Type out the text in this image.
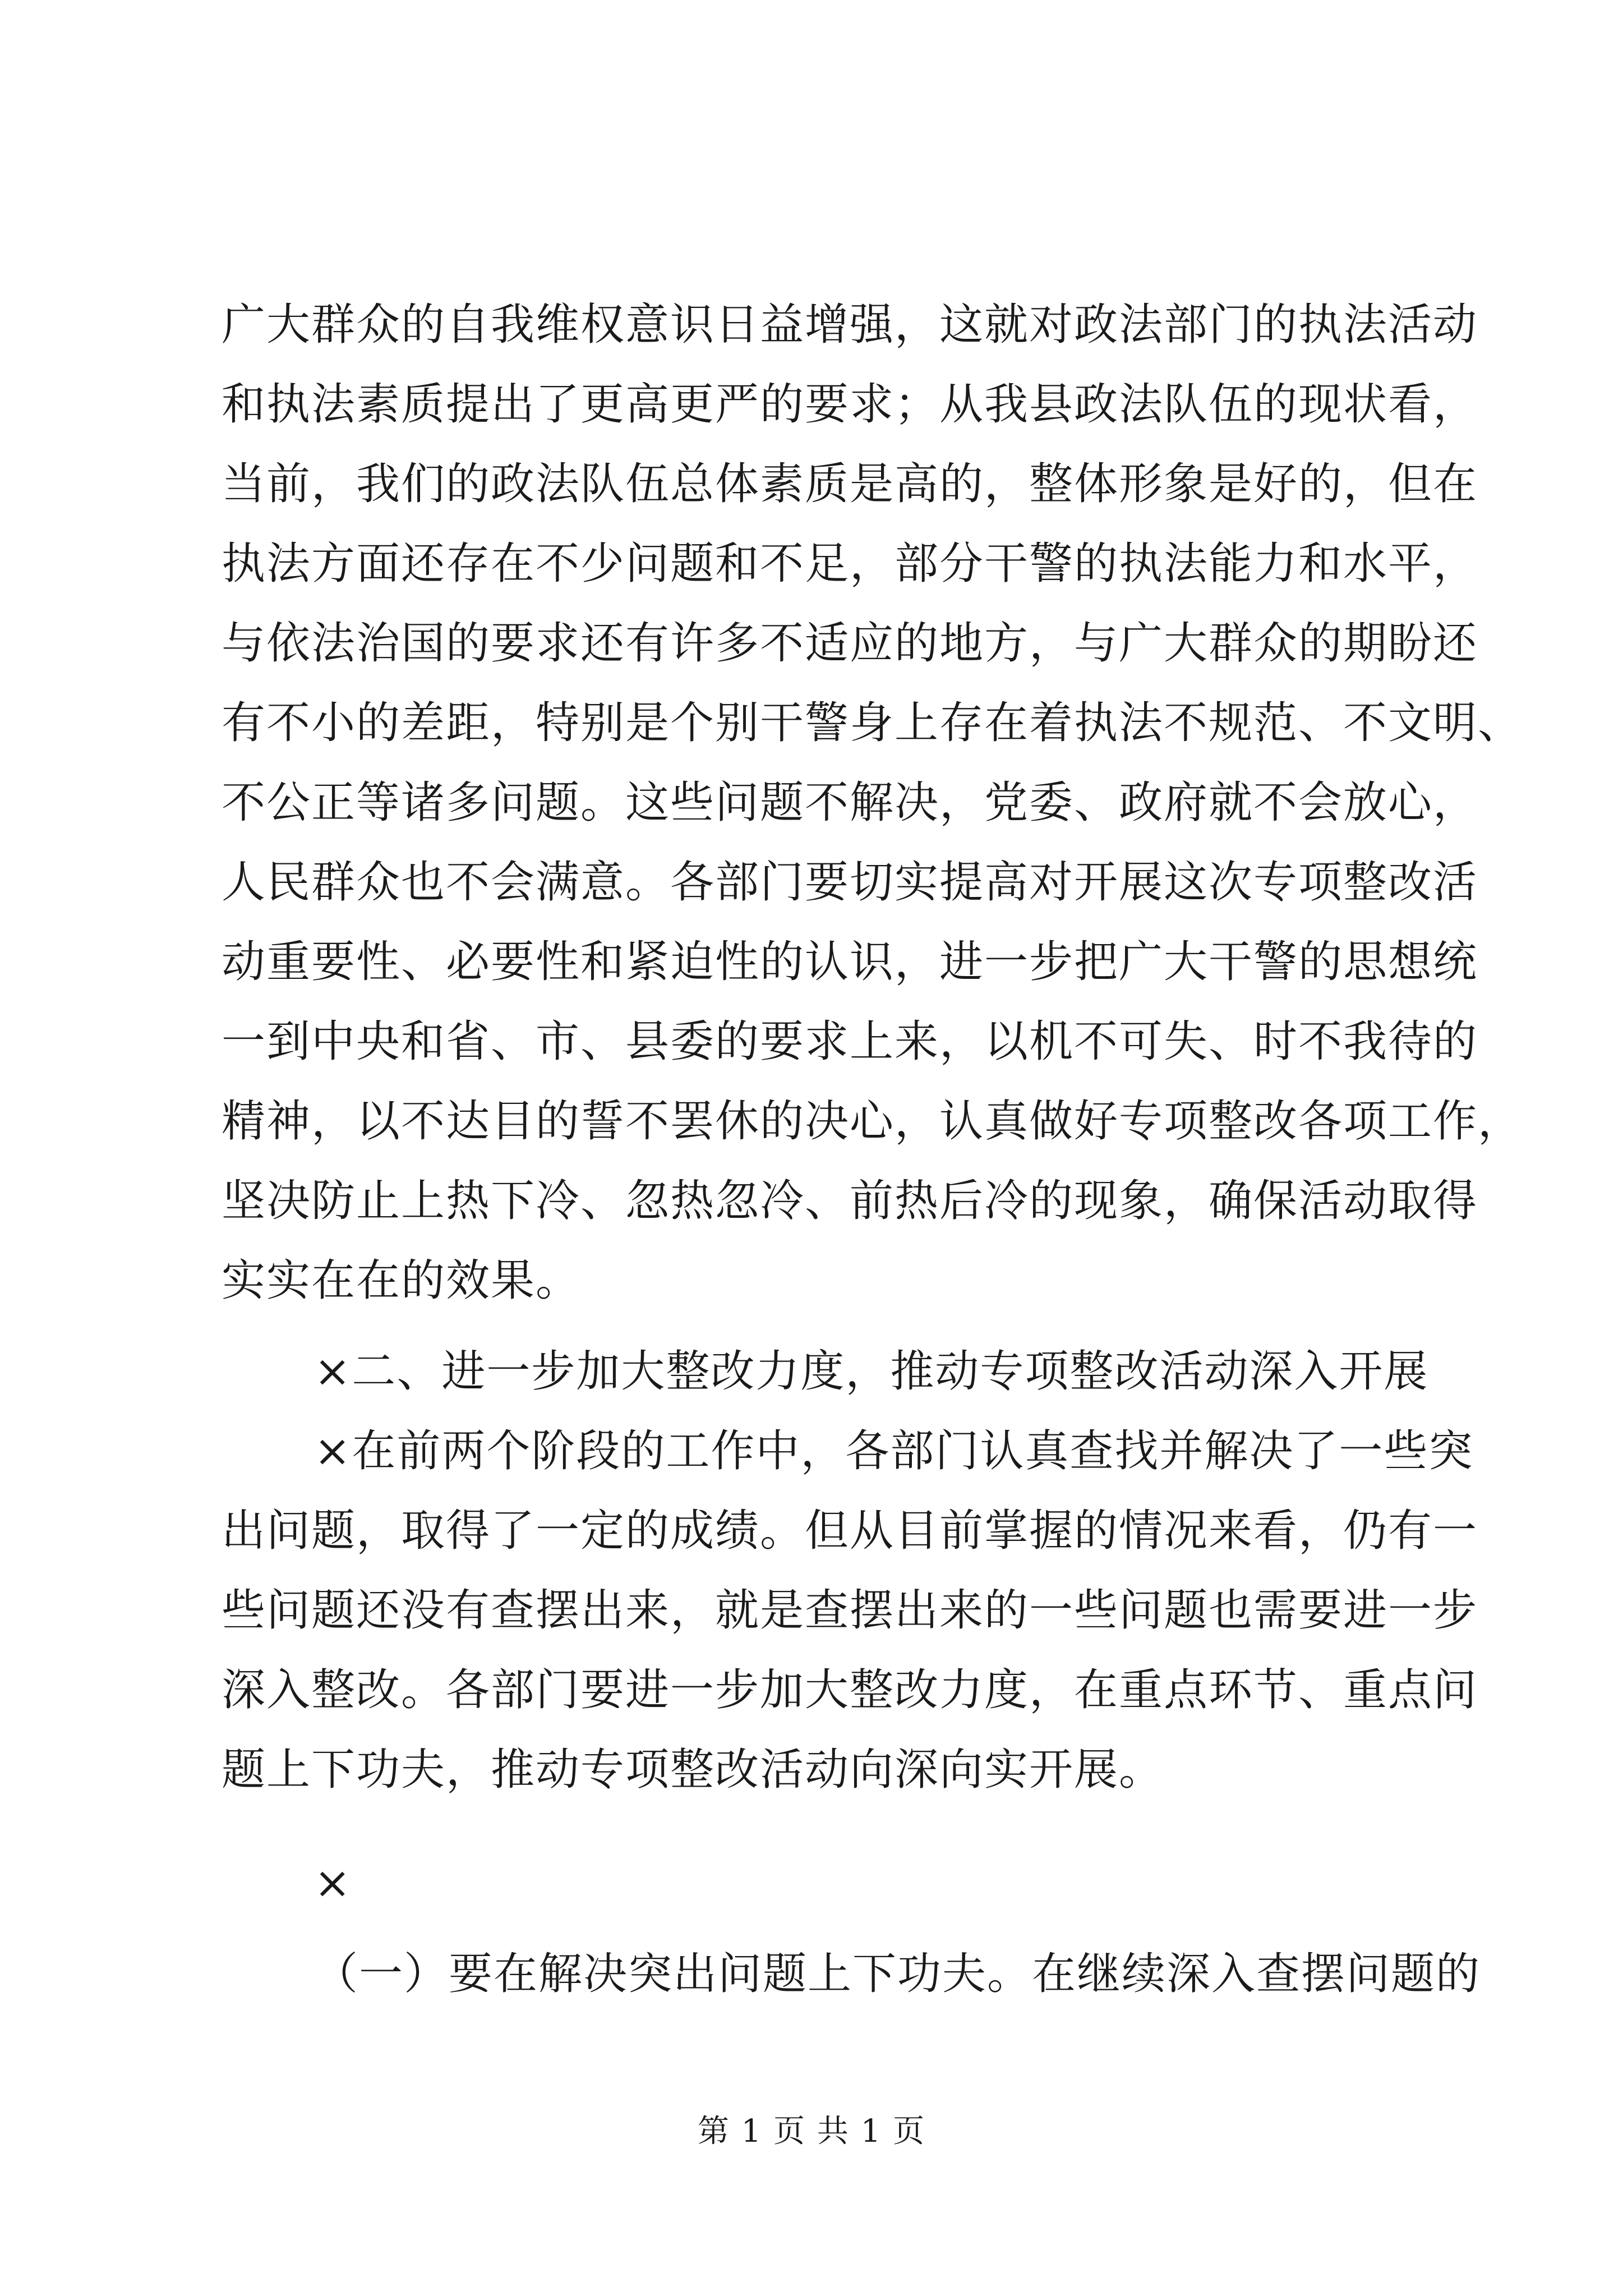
广大群众的自我维权意识日益增强，这就对政法部门的执法活动
和执法素质提出了更高更严的要求；从我县政法队伍的现状看，
当前，我们的政法队伍总体素质是高的，整体形象是好的，但在
执法方面还存在不少问题和不足，部分干警的执法能力和水平，
与依法治国的要求还有许多不适应的地方，与广大群众的期盼还
有不小的差距，特别是个别干警身上存在着执法不规范、不文明、
不公正等诸多问题。这些问题不解决，党委、政府就不会放心，
人民群众也不会满意。各部门要切实提高对开展这次专项整改活
动重要性、必要性和紧迫性的认识，进一步把广大干警的思想统
一到中央和省、市、县委的要求上来，以机不可失、时不我待的
精神，以不达目的誓不罢休的决心，认真做好专项整改各项工作，
坚决防止上热下冷、忽热忽冷、前热后冷的现象，确保活动取得
实实在在的效果。
×二、进一步加大整改力度，推动专项整改活动深入开展
×在前两个阶段的工作中，各部门认真查找并解决了一些突
出问题，取得了一定的成绩。但从目前掌握的情况来看，仍有一
些问题还没有查摆出来，就是查摆出来的一些问题也需要进一步
深入整改。各部门要进一步加大整改力度，在重点环节、重点问
题上下功夫，推动专项整改活动向深向实开展。
×
（一）要在解决突出问题上下功夫。在继续深入查摆问题的
第 1 页 共 1 页
